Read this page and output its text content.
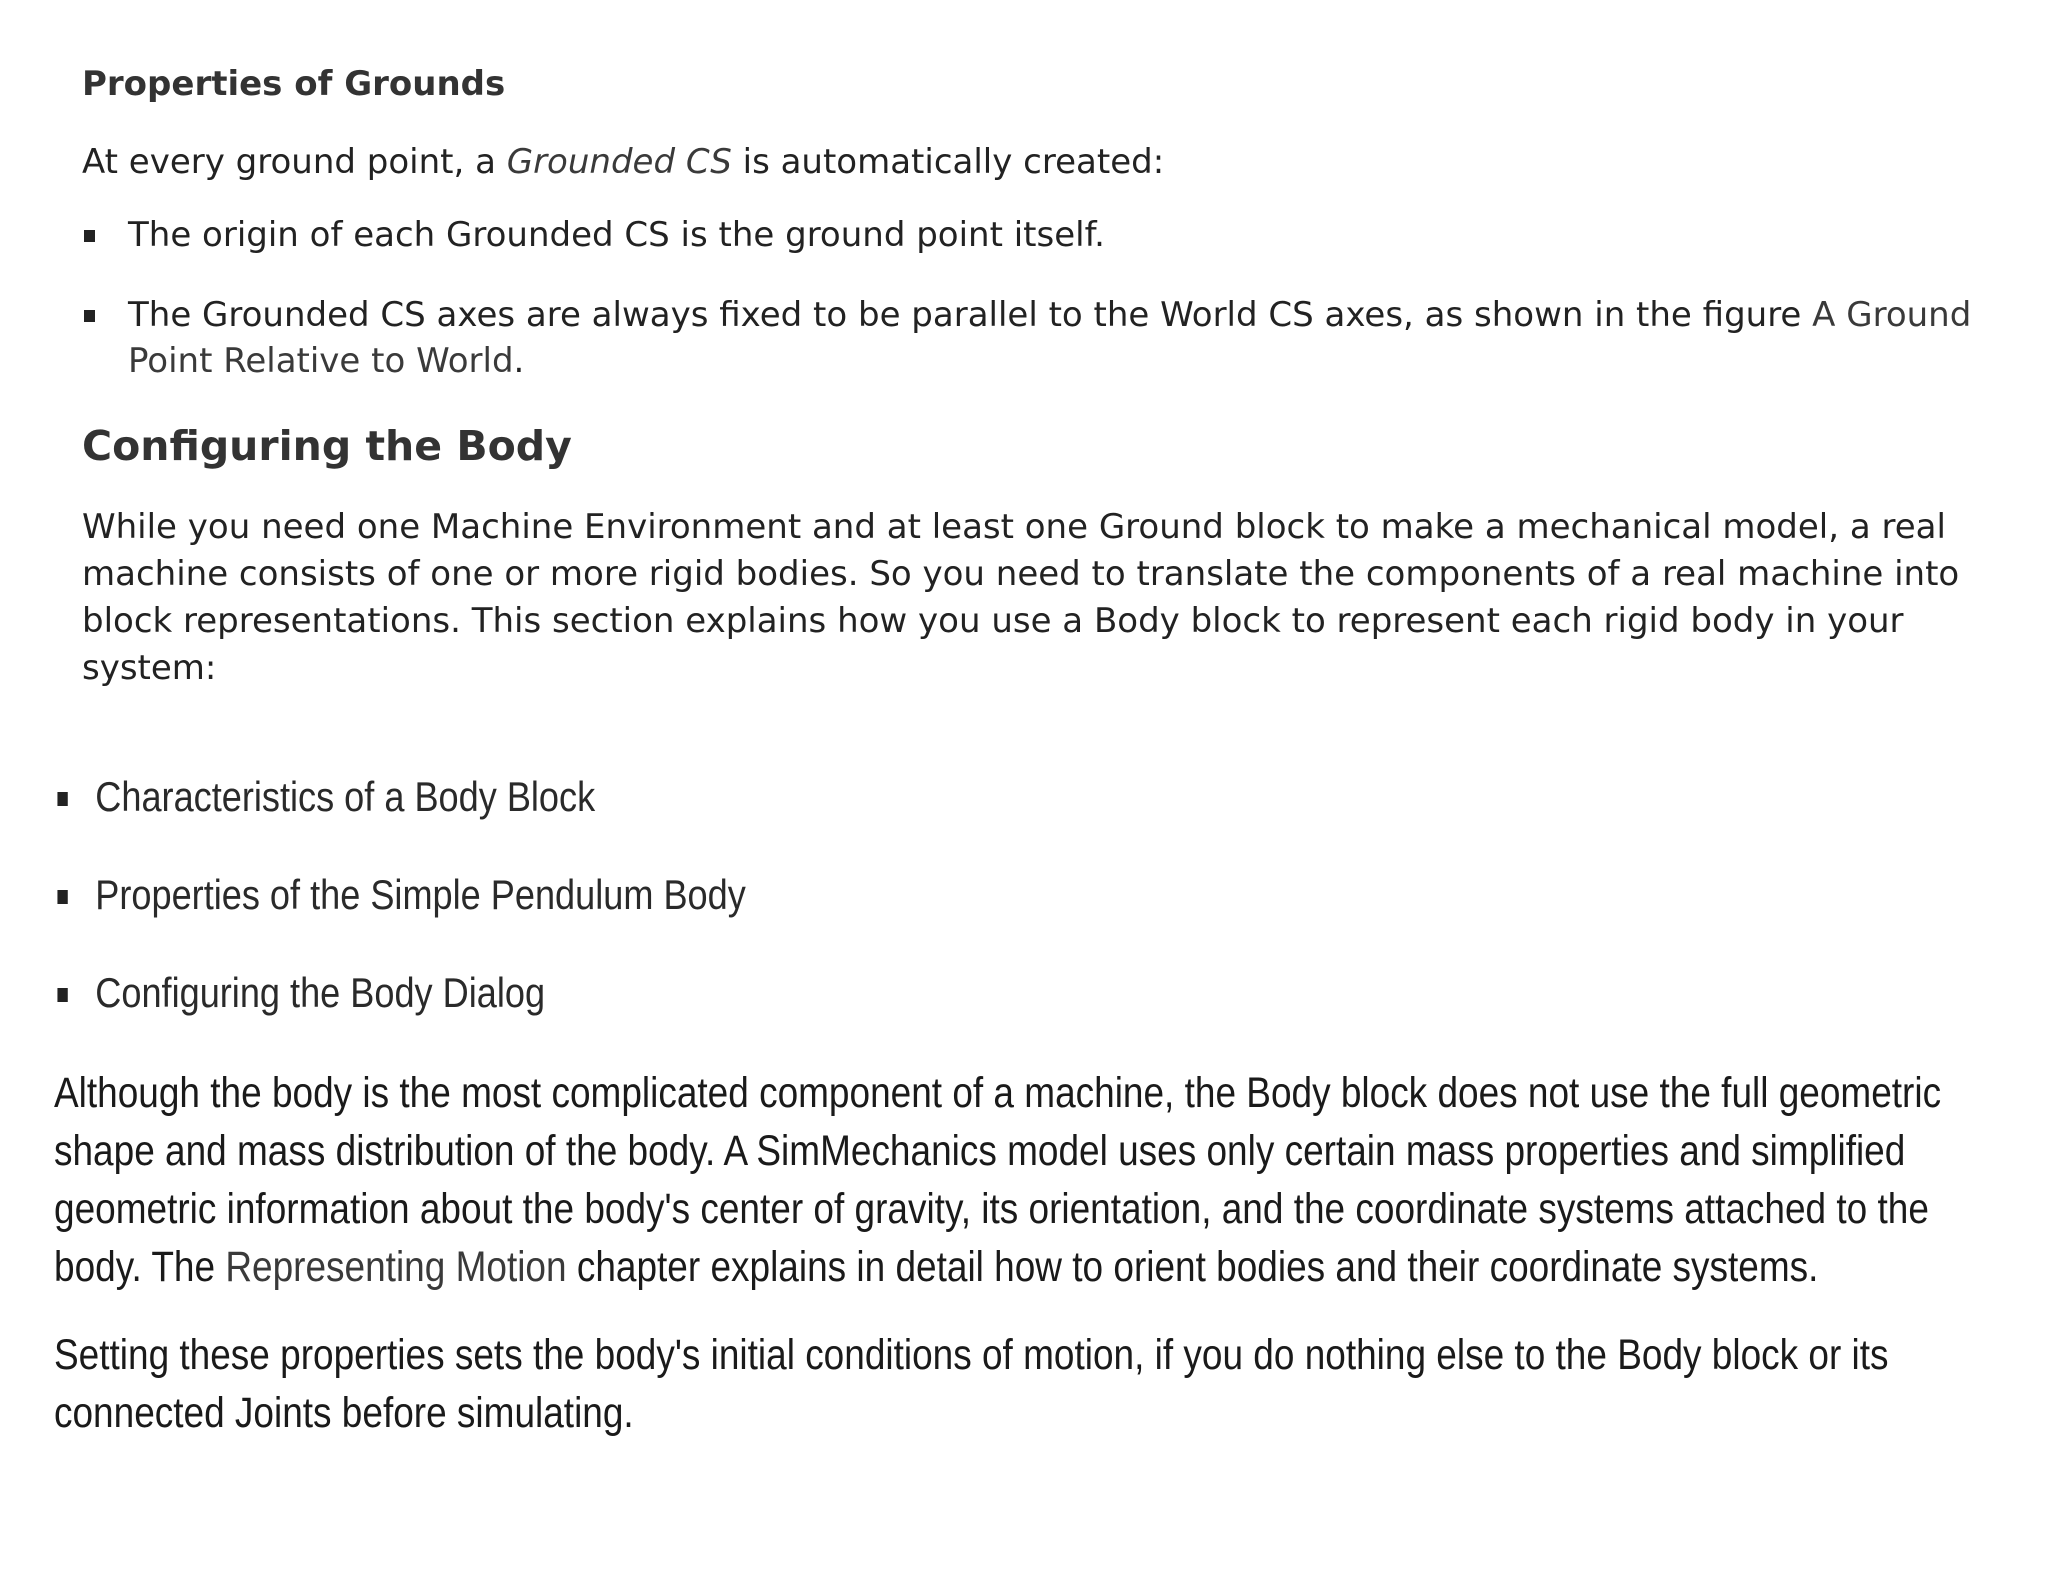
Properties of Grounds

At every ground point, a Grounded CS is automatically created:

The origin of each Grounded CS is the ground point itself.
The Grounded CS axes are always fixed to be parallel to the World CS axes, as shown in the figure A Ground Point Relative to World.
Configuring the Body

While you need one Machine Environment and at least one Ground block to make a mechanical model, a real machine consists of one or more rigid bodies. So you need to translate the components of a real machine into block representations. This section explains how you use a Body block to represent each rigid body in your system:

Characteristics of a Body Block
Properties of the Simple Pendulum Body
Configuring the Body Dialog

Although the body is the most complicated component of a machine, the Body block does not use the full geometric shape and mass distribution of the body. A SimMechanics model uses only certain mass properties and simplified geometric information about the body's center of gravity, its orientation, and the coordinate systems attached to the body. The Representing Motion chapter explains in detail how to orient bodies and their coordinate systems.

Setting these properties sets the body's initial conditions of motion, if you do nothing else to the Body block or its connected Joints before simulating.
